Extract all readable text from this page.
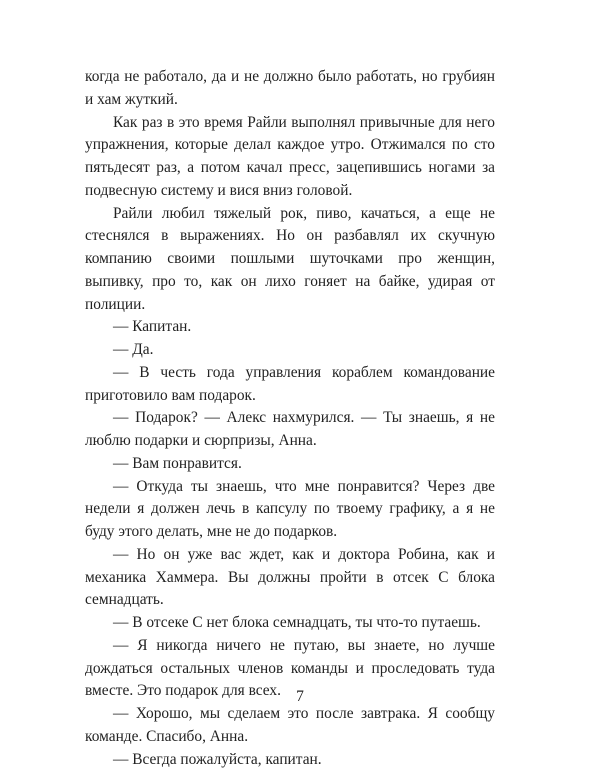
когда не работало, да и не должно было работать, но грубиян и хам жуткий.

Как раз в это время Райли выполнял привычные для него упражнения, которые делал каждое утро. Отжимался по сто пятьдесят раз, а потом качал пресс, зацепившись ногами за подвесную систему и вися вниз головой.

Райли любил тяжелый рок, пиво, качаться, а еще не стеснялся в выражениях. Но он разбавлял их скучную компанию своими пошлыми шуточками про женщин, выпивку, про то, как он лихо гоняет на байке, удирая от полиции.

— Капитан.

— Да.

— В честь года управления кораблем командование приготовило вам подарок.

— Подарок? — Алекс нахмурился. — Ты знаешь, я не люблю подарки и сюрпризы, Анна.

— Вам понравится.

— Откуда ты знаешь, что мне понравится? Через две недели я должен лечь в капсулу по твоему графику, а я не буду этого делать, мне не до подарков.

— Но он уже вас ждет, как и доктора Робина, как и механика Хаммера. Вы должны пройти в отсек С блока семнадцать.

— В отсеке С нет блока семнадцать, ты что-то путаешь.

— Я никогда ничего не путаю, вы знаете, но лучше дождаться остальных членов команды и проследовать туда вместе. Это подарок для всех.

— Хорошо, мы сделаем это после завтрака. Я сообщу команде. Спасибо, Анна.

— Всегда пожалуйста, капитан.

7
